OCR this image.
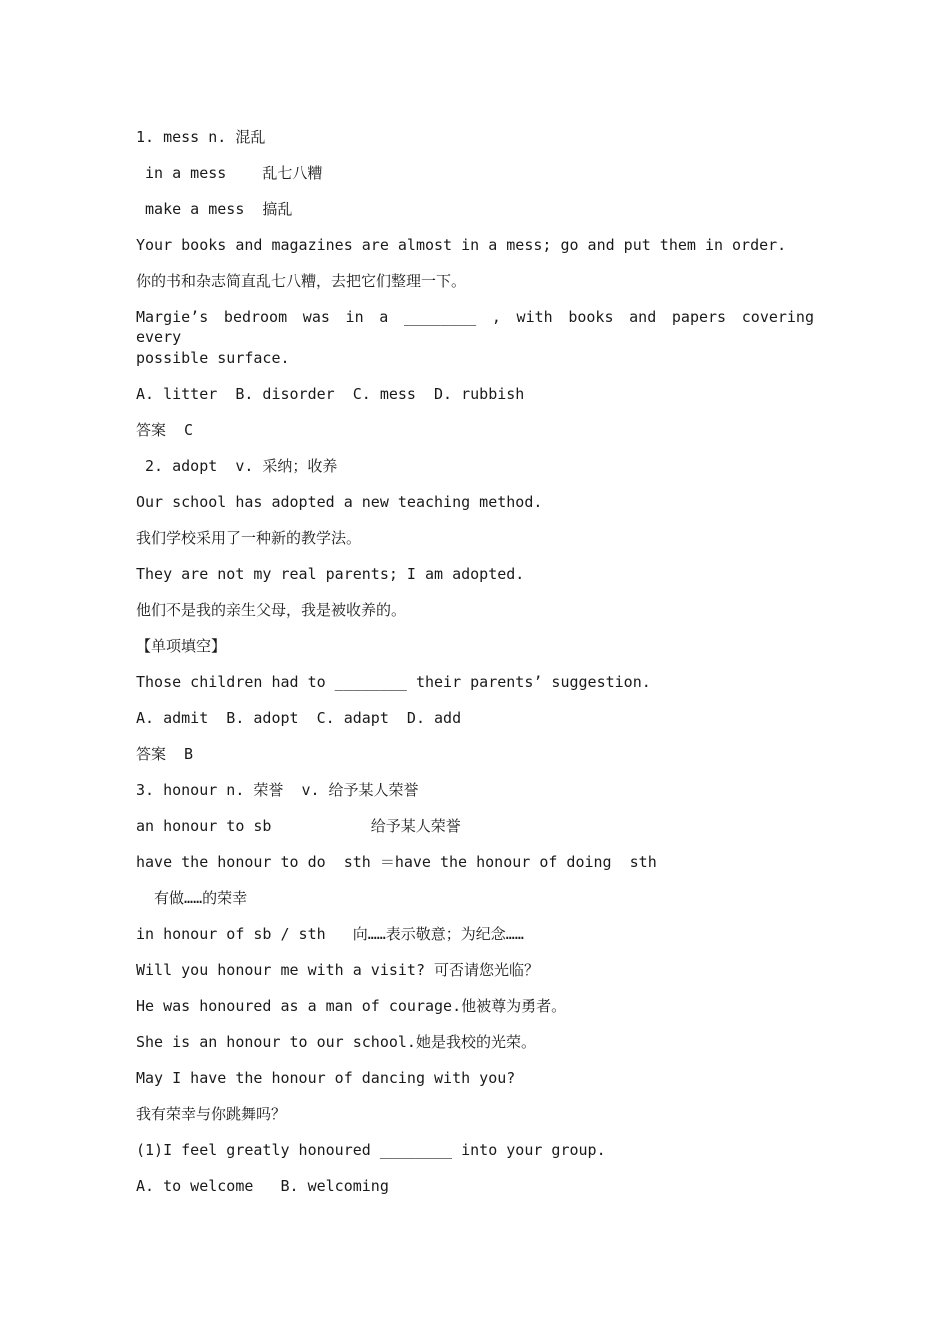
1. mess n. 混乱
in a mess    乱七八糟
make a mess  搞乱
Your books and magazines are almost in a mess; go and put them in order.
你的书和杂志简直乱七八糟，去把它们整理一下。
Margie’s bedroom was in a ________ , with books and papers covering every
possible surface.
A. litter  B. disorder  C. mess  D. rubbish
答案  C
2. adopt  v. 采纳；收养
Our school has adopted a new teaching method.
我们学校采用了一种新的教学法。
They are not my real parents; I am adopted.
他们不是我的亲生父母，我是被收养的。
【单项填空】
Those children had to ________ their parents’ suggestion.
A. admit  B. adopt  C. adapt  D. add
答案  B
3. honour n. 荣誉  v. 给予某人荣誉
an honour to sb           给予某人荣誉
have the honour to do  sth ＝have the honour of doing  sth
有做……的荣幸
in honour of sb / sth   向……表示敬意；为纪念……
Will you honour me with a visit? 可否请您光临？
He was honoured as a man of courage.他被尊为勇者。
She is an honour to our school.她是我校的光荣。
May I have the honour of dancing with you?
我有荣幸与你跳舞吗？
(1)I feel greatly honoured ________ into your group.
A. to welcome   B. welcoming
